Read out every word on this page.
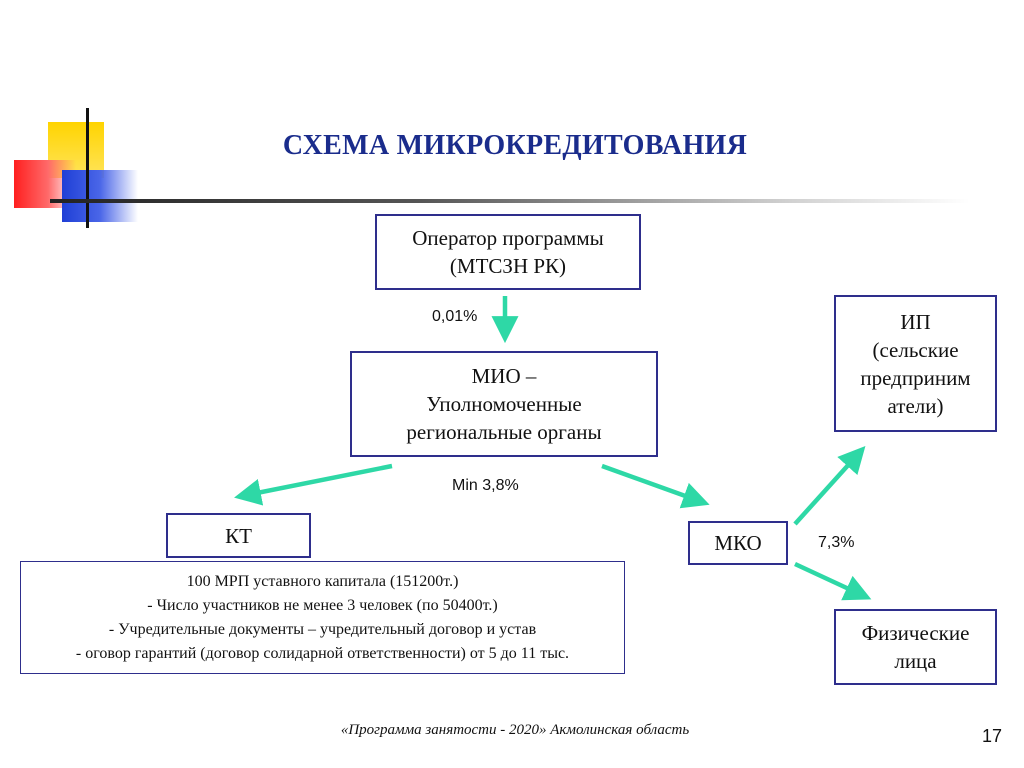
СХЕМА МИКРОКРЕДИТОВАНИЯ
Оператор программы
(МТСЗН РК)
МИО –
Уполномоченные
региональные органы
ИП
(сельские
предприним
атели)
КТ	МКО
Физические
лица
0,01%
Min 3,8%
7,3%
100 МРП уставного капитала (151200т.)
- Число участников не менее 3 человек (по 50400т.)
- Учредительные документы – учредительный договор и устав
- оговор гарантий (договор солидарной ответственности) от 5 до 11 тыс.
«Программа занятости - 2020» Акмолинская область	17
